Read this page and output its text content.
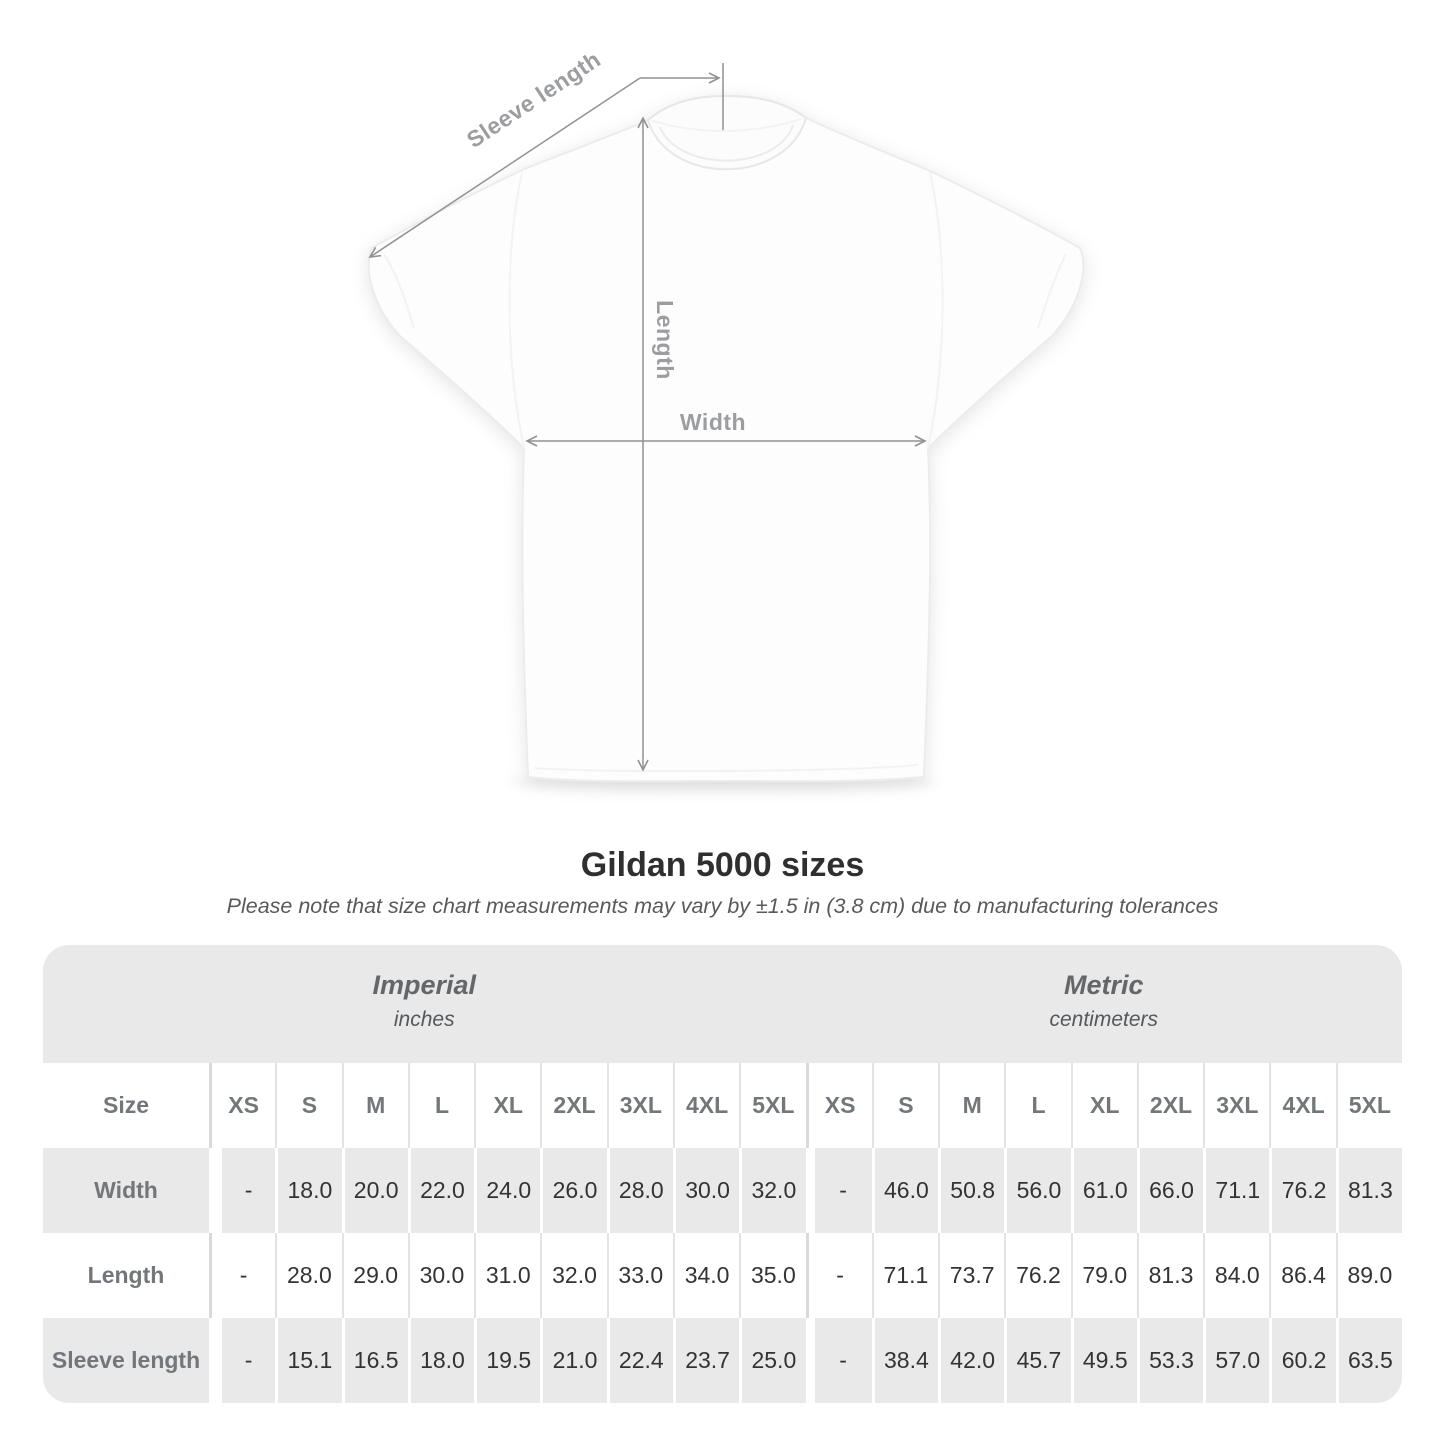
Sleeve length
Length
Width
Gildan 5000 sizes

Please note that size chart measurements may vary by ±1.5 in (3.8 cm) due to manufacturing tolerances

Imperial
inches
Metric
centimeters
Size	XS	S	M	L	XL	2XL	3XL	4XL	5XL	XS	S	M	L	XL	2XL	3XL	4XL	5XL
Width	-	18.0 20.0 22.0 24.0 26.0 28.0 30.0 32.0	-	46.0 50.8 56.0 61.0 66.0 71.1 76.2 81.3
Length	-	28.0 29.0 30.0 31.0 32.0 33.0 34.0 35.0	-	71.1 73.7 76.2 79.0 81.3 84.0 86.4 89.0
Sleeve length	-	15.1 16.5 18.0 19.5 21.0 22.4 23.7 25.0	-	38.4 42.0 45.7 49.5 53.3 57.0 60.2 63.5
